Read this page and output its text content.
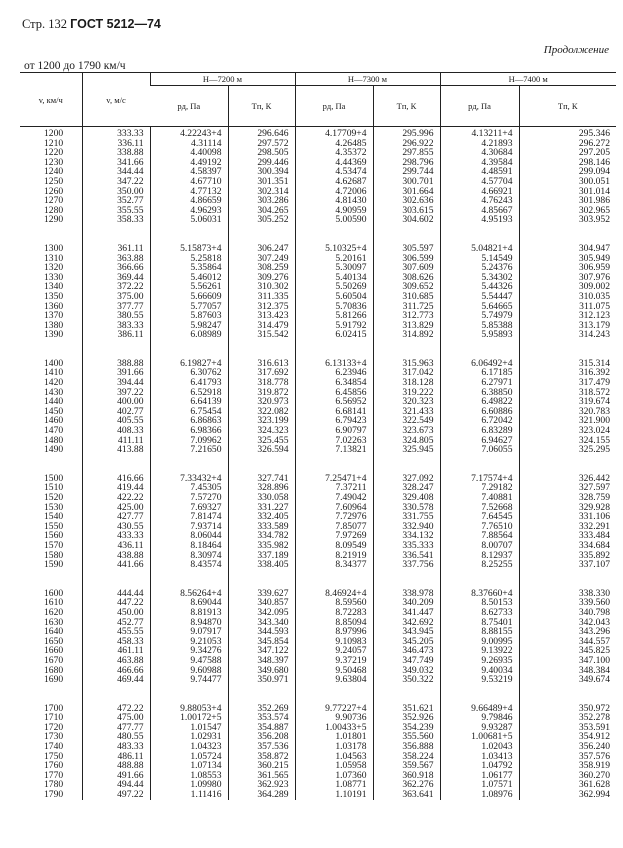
Стр. 132 ГОСТ 5212—74
Продолжение
от 1200 до 1790 км/ч
v, км/ч	v, м/с	H—7200 м		H—7300 м		H—7400 м	
		pд, Па	Tп, К	pд, Па	Tп, К	pд, Па	Tп, К
1200	333.33	4.22243+4	296.646	4.17709+4	295.996	4.13211+4	295.346
1210	336.11	4.31114	297.572	4.26485	296.922	4.21893	296.272
1220	338.88	4.40098	298.505	4.35372	297.855	4.30684	297.205
1230	341.66	4.49192	299.446	4.44369	298.796	4.39584	298.146
1240	344.44	4.58397	300.394	4.53474	299.744	4.48591	299.094
1250	347.22	4.67710	301.351	4.62687	300.701	4.57704	300.051
1260	350.00	4.77132	302.314	4.72006	301.664	4.66921	301.014
1270	352.77	4.86659	303.286	4.81430	302.636	4.76243	301.986
1280	355.55	4.96293	304.265	4.90959	303.615	4.85667	302.965
1290	358.33	5.06031	305.252	5.00590	304.602	4.95193	303.952

1300	361.11	5.15873+4	306.247	5.10325+4	305.597	5.04821+4	304.947
1310	363.88	5.25818	307.249	5.20161	306.599	5.14549	305.949
1320	366.66	5.35864	308.259	5.30097	307.609	5.24376	306.959
1330	369.44	5.46012	309.276	5.40134	308.626	5.34302	307.976
1340	372.22	5.56261	310.302	5.50269	309.652	5.44326	309.002
1350	375.00	5.66609	311.335	5.60504	310.685	5.54447	310.035
1360	377.77	5.77057	312.375	5.70836	311.725	5.64665	311.075
1370	380.55	5.87603	313.423	5.81266	312.773	5.74979	312.123
1380	383.33	5.98247	314.479	5.91792	313.829	5.85388	313.179
1390	386.11	6.08989	315.542	6.02415	314.892	5.95893	314.243

1400	388.88	6.19827+4	316.613	6.13133+4	315.963	6.06492+4	315.314
1410	391.66	6.30762	317.692	6.23946	317.042	6.17185	316.392
1420	394.44	6.41793	318.778	6.34854	318.128	6.27971	317.479
1430	397.22	6.52918	319.872	6.45856	319.222	6.38850	318.572
1440	400.00	6.64139	320.973	6.56952	320.323	6.49822	319.674
1450	402.77	6.75454	322.082	6.68141	321.433	6.60886	320.783
1460	405.55	6.86863	323.199	6.79423	322.549	6.72042	321.900
1470	408.33	6.98366	324.323	6.90797	323.673	6.83289	323.024
1480	411.11	7.09962	325.455	7.02263	324.805	6.94627	324.155
1490	413.88	7.21650	326.594	7.13821	325.945	7.06055	325.295

1500	416.66	7.33432+4	327.741	7.25471+4	327.092	7.17574+4	326.442
1510	419.44	7.45305	328.896	7.37211	328.247	7.29182	327.597
1520	422.22	7.57270	330.058	7.49042	329.408	7.40881	328.759
1530	425.00	7.69327	331.227	7.60964	330.578	7.52668	329.928
1540	427.77	7.81474	332.405	7.72976	331.755	7.64545	331.106
1550	430.55	7.93714	333.589	7.85077	332.940	7.76510	332.291
1560	433.33	8.06044	334.782	7.97269	334.132	7.88564	333.484
1570	436.11	8.18464	335.982	8.09549	335.333	8.00707	334.684
1580	438.88	8.30974	337.189	8.21919	336.541	8.12937	335.892
1590	441.66	8.43574	338.405	8.34377	337.756	8.25255	337.107

1600	444.44	8.56264+4	339.627	8.46924+4	338.978	8.37660+4	338.330
1610	447.22	8.69044	340.857	8.59560	340.209	8.50153	339.560
1620	450.00	8.81913	342.095	8.72283	341.447	8.62733	340.798
1630	452.77	8.94870	343.340	8.85094	342.692	8.75401	342.043
1640	455.55	9.07917	344.593	8.97996	343.945	8.88155	343.296
1650	458.33	9.21053	345.854	9.10983	345.205	9.00995	344.557
1660	461.11	9.34276	347.122	9.24057	346.473	9.13922	345.825
1670	463.88	9.47588	348.397	9.37219	347.749	9.26935	347.100
1680	466.66	9.60988	349.680	9.50468	349.032	9.40034	348.384
1690	469.44	9.74477	350.971	9.63804	350.322	9.53219	349.674

1700	472.22	9.88053+4	352.269	9.77227+4	351.621	9.66489+4	350.972
1710	475.00	1.00172+5	353.574	9.90736	352.926	9.79846	352.278
1720	477.77	1.01547	354.887	1.00433+5	354.239	9.93287	353.591
1730	480.55	1.02931	356.208	1.01801	355.560	1.00681+5	354.912
1740	483.33	1.04323	357.536	1.03178	356.888	1.02043	356.240
1750	486.11	1.05724	358.872	1.04563	358.224	1.03413	357.576
1760	488.88	1.07134	360.215	1.05958	359.567	1.04792	358.919
1770	491.66	1.08553	361.565	1.07360	360.918	1.06177	360.270
1780	494.44	1.09980	362.923	1.08771	362.276	1.07571	361.628
1790	497.22	1.11416	364.289	1.10191	363.641	1.08976	362.994
